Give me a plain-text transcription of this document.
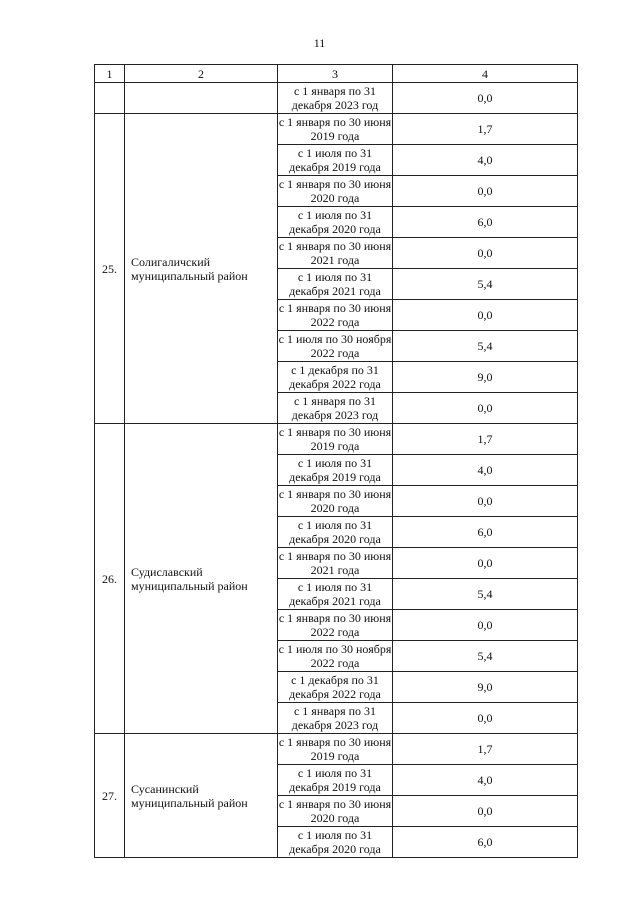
11
1	2	3	4
		с 1 января по 31 декабря 2023 год	0,0
25.	Солигаличский муниципальный район	с 1 января по 30 июня 2019 года	1,7
		с 1 июля по 31 декабря 2019 года	4,0
		с 1 января по 30 июня 2020 года	0,0
		с 1 июля по 31 декабря 2020 года	6,0
		с 1 января по 30 июня 2021 года	0,0
		с 1 июля по 31 декабря 2021 года	5,4
		с 1 января по 30 июня 2022 года	0,0
		с 1 июля по 30 ноября 2022 года	5,4
		с 1 декабря по 31 декабря 2022 года	9,0
		с 1 января по 31 декабря 2023 год	0,0
26.	Судиславский муниципальный район	с 1 января по 30 июня 2019 года	1,7
		с 1 июля по 31 декабря 2019 года	4,0
		с 1 января по 30 июня 2020 года	0,0
		с 1 июля по 31 декабря 2020 года	6,0
		с 1 января по 30 июня 2021 года	0,0
		с 1 июля по 31 декабря 2021 года	5,4
		с 1 января по 30 июня 2022 года	0,0
		с 1 июля по 30 ноября 2022 года	5,4
		с 1 декабря по 31 декабря 2022 года	9,0
		с 1 января по 31 декабря 2023 год	0,0
27.	Сусанинский муниципальный район	с 1 января по 30 июня 2019 года	1,7
		с 1 июля по 31 декабря 2019 года	4,0
		с 1 января по 30 июня 2020 года	0,0
		с 1 июля по 31 декабря 2020 года	6,0
